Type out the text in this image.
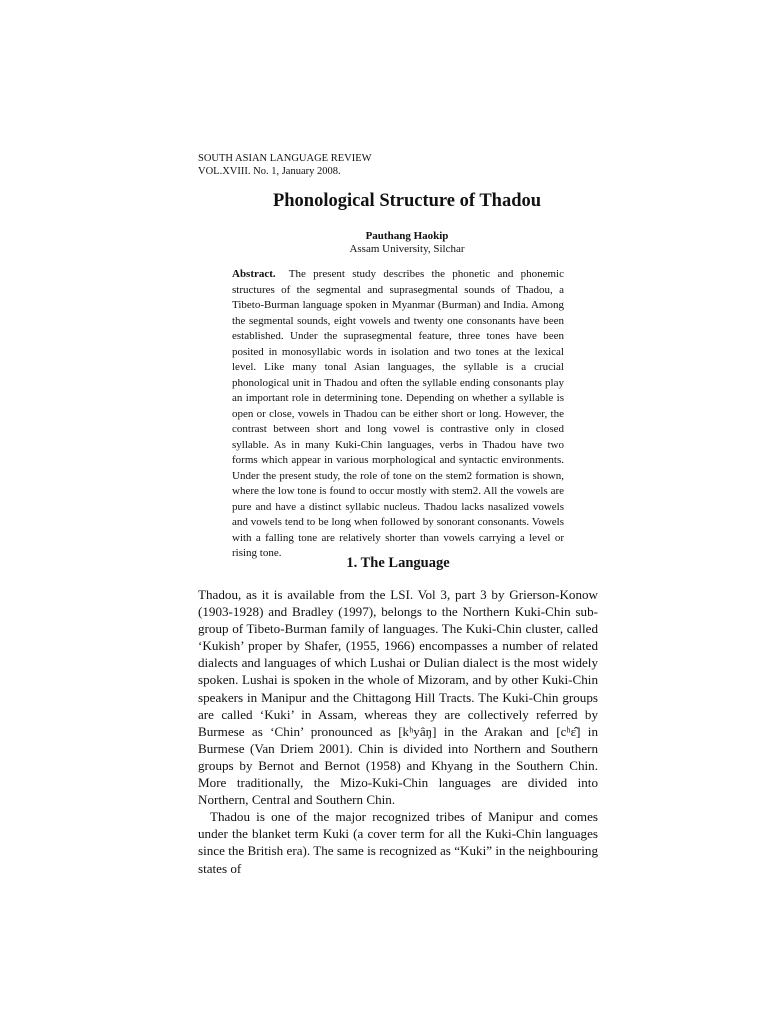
SOUTH ASIAN LANGUAGE REVIEW
VOL.XVIII. No. 1, January 2008.
Phonological Structure of Thadou
Pauthang Haokip
Assam University, Silchar
Abstract. The present study describes the phonetic and phonemic structures of the segmental and suprasegmental sounds of Thadou, a Tibeto-Burman language spoken in Myanmar (Burman) and India. Among the segmental sounds, eight vowels and twenty one consonants have been established. Under the suprasegmental feature, three tones have been posited in monosyllabic words in isolation and two tones at the lexical level. Like many tonal Asian languages, the syllable is a crucial phonological unit in Thadou and often the syllable ending consonants play an important role in determining tone. Depending on whether a syllable is open or close, vowels in Thadou can be either short or long. However, the contrast between short and long vowel is contrastive only in closed syllable. As in many Kuki-Chin languages, verbs in Thadou have two forms which appear in various morphological and syntactic environments. Under the present study, the role of tone on the stem2 formation is shown, where the low tone is found to occur mostly with stem2. All the vowels are pure and have a distinct syllabic nucleus. Thadou lacks nasalized vowels and vowels tend to be long when followed by sonorant consonants. Vowels with a falling tone are relatively shorter than vowels carrying a level or rising tone.
1. The Language

Thadou, as it is available from the LSI. Vol 3, part 3 by Grierson-Konow (1903-1928) and Bradley (1997), belongs to the Northern Kuki-Chin sub-group of Tibeto-Burman family of languages. The Kuki-Chin cluster, called ‘Kukish’ proper by Shafer, (1955, 1966) encompasses a number of related dialects and languages of which Lushai or Dulian dialect is the most widely spoken. Lushai is spoken in the whole of Mizoram, and by other Kuki-Chin speakers in Manipur and the Chittagong Hill Tracts. The Kuki-Chin groups are called ‘Kuki’ in Assam, whereas they are collectively referred by Burmese as ‘Chin’ pronounced as [kʰyâŋ] in the Arakan and [cʰɛ̂] in Burmese (Van Driem 2001). Chin is divided into Northern and Southern groups by Bernot and Bernot (1958) and Khyang in the Southern Chin. More traditionally, the Mizo-Kuki-Chin languages are divided into Northern, Central and Southern Chin.

Thadou is one of the major recognized tribes of Manipur and comes under the blanket term Kuki (a cover term for all the Kuki-Chin languages since the British era). The same is recognized as “Kuki” in the neighbouring states of
